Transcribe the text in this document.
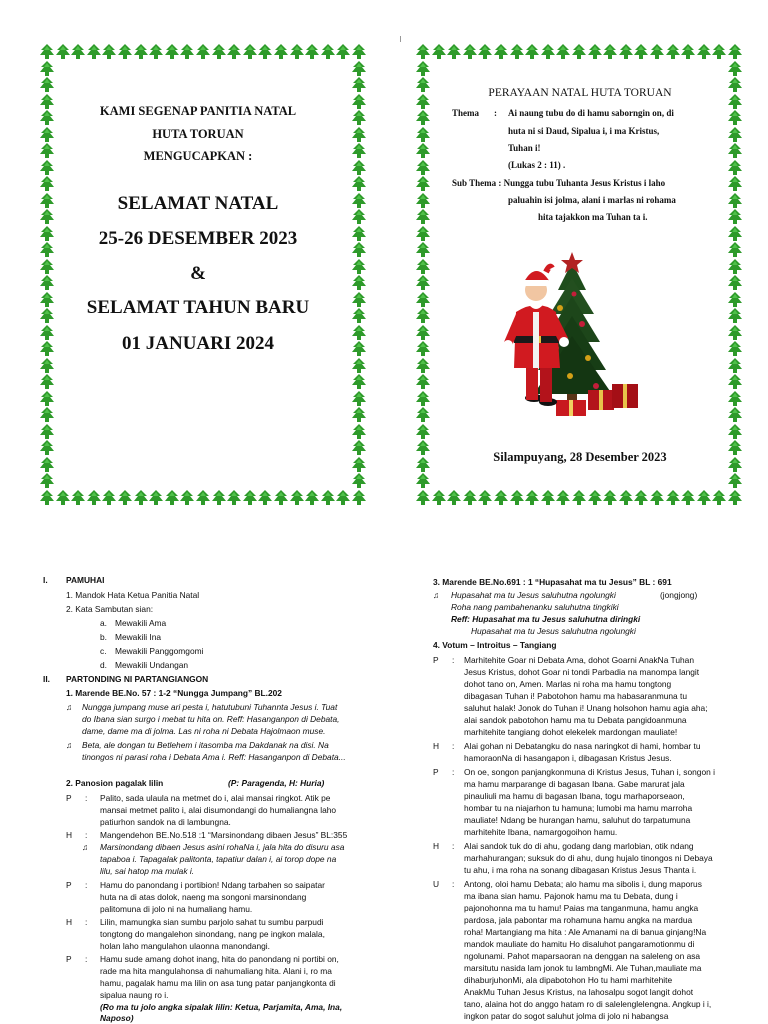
KAMI SEGENAP PANITIA NATAL
HUTA TORUAN
MENGUCAPKAN :
SELAMAT NATAL
25-26 DESEMBER 2023
&
SELAMAT TAHUN BARU
01 JANUARI 2024
PERAYAAN NATAL HUTA TORUAN
Thema : Ai naung tubu do di hamu saborngin on, di
huta ni si Daud, Sipalua i, i ma Kristus,
Tuhan i!
(Lukas 2 : 11) .
Sub Thema : Nungga tubu Tuhanta Jesus Kristus i laho
paluahin isi jolma, alani i marlas ni rohama
hita tajakkon ma Tuhan ta i.
Silampuyang, 28 Desember 2023
I. PAMUHAI
1. Mandok Hata Ketua Panitia Natal
2. Kata Sambutan sian:
a. Mewakili Ama
b. Mewakili Ina
c. Mewakili Panggomgomi
d. Mewakili Undangan
II. PARTONDING NI PARTANGIANGON
1. Marende BE.No. 57 : 1-2 “Nungga Jumpang” BL.202
♫ Nungga jumpang muse ari pesta i, hatutubuni Tuhannta Jesus i. Tuat
do Ibana sian surgo i mebat tu hita on. Reff: Hasanganpon di Debata,
dame, dame ma di jolma. Las ni roha ni Debata Hajolmaon muse.
♫ Beta, ale dongan tu Betlehem i itasomba ma Dakdanak na disi. Na
tinongos ni parasi roha i Debata Ama i. Reff: Hasanganpon di Debata...
2. Panosion pagalak lilin	(P: Paragenda, H: Huria)
P : Palito, sada ulaula na metmet do i, alai mansai ringkot. Atik pe
mansai metmet palito i, alai disumondangi do humaliangna laho
patiurhon sandok na di lambungna.
H : Mangendehon BE.No.518 :1 “Marsinondang dibaen Jesus” BL:355
♫ Marsinondang dibaen Jesus asini rohaNa i, jala hita do disuru asa
tapaboa i. Tapagalak palitonta, tapatiur dalan i, ai torop dope na
lilu, sai hatop ma mulak i.
P : Hamu do panondang i portibion! Ndang tarbahen so saipatar
huta na di atas dolok, naeng ma songoni marsinondang
palitomuna di jolo ni na humaliang hamu.
H : Lilin, mamungka sian sumbu parjolo sahat tu sumbu parpudi
tongtong do mangalehon sinondang, nang pe ingkon malala,
holan laho mangulahon ulaonna manondangi.
P : Hamu sude amang dohot inang, hita do panondang ni portibi on,
rade ma hita mangulahonsa di nahumaliang hita. Alani i, ro ma
hamu, pagalak hamu ma lilin on asa tung patar panjangkonta di
sipalua naung ro i.
(Ro ma tu jolo angka sipalak lilin: Ketua, Parjamita, Ama, Ina,
Naposo)
3. Marende BE.No.691 : 1 “Hupasahat ma tu Jesus” BL : 691
♫ Hupasahat ma tu Jesus saluhutna ngolungki	(jongjong)
Roha nang pambahenanku saluhutna tingkiki
Reff: Hupasahat ma tu Jesus saluhutna diringki
Hupasahat ma tu Jesus saluhutna ngolungki
4. Votum – Introitus – Tangiang
P : Marhitehite Goar ni Debata Ama, dohot Goarni AnakNa Tuhan
Jesus Kristus, dohot Goar ni tondi Parbadia na manompa langit
dohot tano on, Amen. Marlas ni roha ma hamu tongtong
dibagasan Tuhan i! Pabotohon hamu ma habasaranmuna tu
saluhut halak! Jonok do Tuhan i! Unang holsohon hamu agia aha;
alai sandok pabotohon hamu ma tu Debata pangidoanmuna
marhitehite tangiang dohot elekelek mardongan mauliate!
H : Alai gohan ni Debatangku do nasa naringkot di hami, hombar tu
hamoraonNa di hasangapon i, dibagasan Kristus Jesus.
P : On oe, songon panjangkonmuna di Kristus Jesus, Tuhan i, songon i
ma hamu marparange di bagasan Ibana. Gabe marurat jala
pinauliuli ma hamu di bagasan Ibana, togu marhaporseaon,
hombar tu na niajarhon tu hamuna; lumobi ma hamu marroha
mauliate! Ndang be hurangan hamu, saluhut do tarpatumuna
marhitehite Ibana, namargogoihon hamu.
H : Alai sandok tuk do di ahu, godang dang marlobian, otik ndang
marhahurangan; suksuk do di ahu, dung hujalo tinongos ni Debaya
tu ahu, i ma roha na sonang dibagasan Kristus Jesus Thanta i.
U : Antong, oloi hamu Debata; alo hamu ma sibolis i, dung maporus
ma ibana sian hamu. Pajonok hamu ma tu Debata, dung i
pajonohonna ma tu hamu! Paias ma tanganmuna, hamu angka
pardosa, jala pabontar ma rohamuna hamu angka na mardua
roha! Martangiang ma hita : Ale Amanami na di banua ginjang!Na
mandok mauliate do hamitu Ho disaluhot pangaramotionmu di
ngolunami. Pahot maparsaoran na denggan na saleleng on asa
marsitutu nasida lam jonok tu lambngMi. Ale Tuhan,mauliate ma
dihaburjuhonMi, ala dipabotohon Ho tu hami marhitehite
AnakMu Tuhan Jesus Kristus, na lahosalpu sogot langit dohot
tano, alaina hot do anggo hatam ro di salelenglelengna. Angkup i i,
ingkon patar do sogot saluhut jolma di jolo ni habangsa
